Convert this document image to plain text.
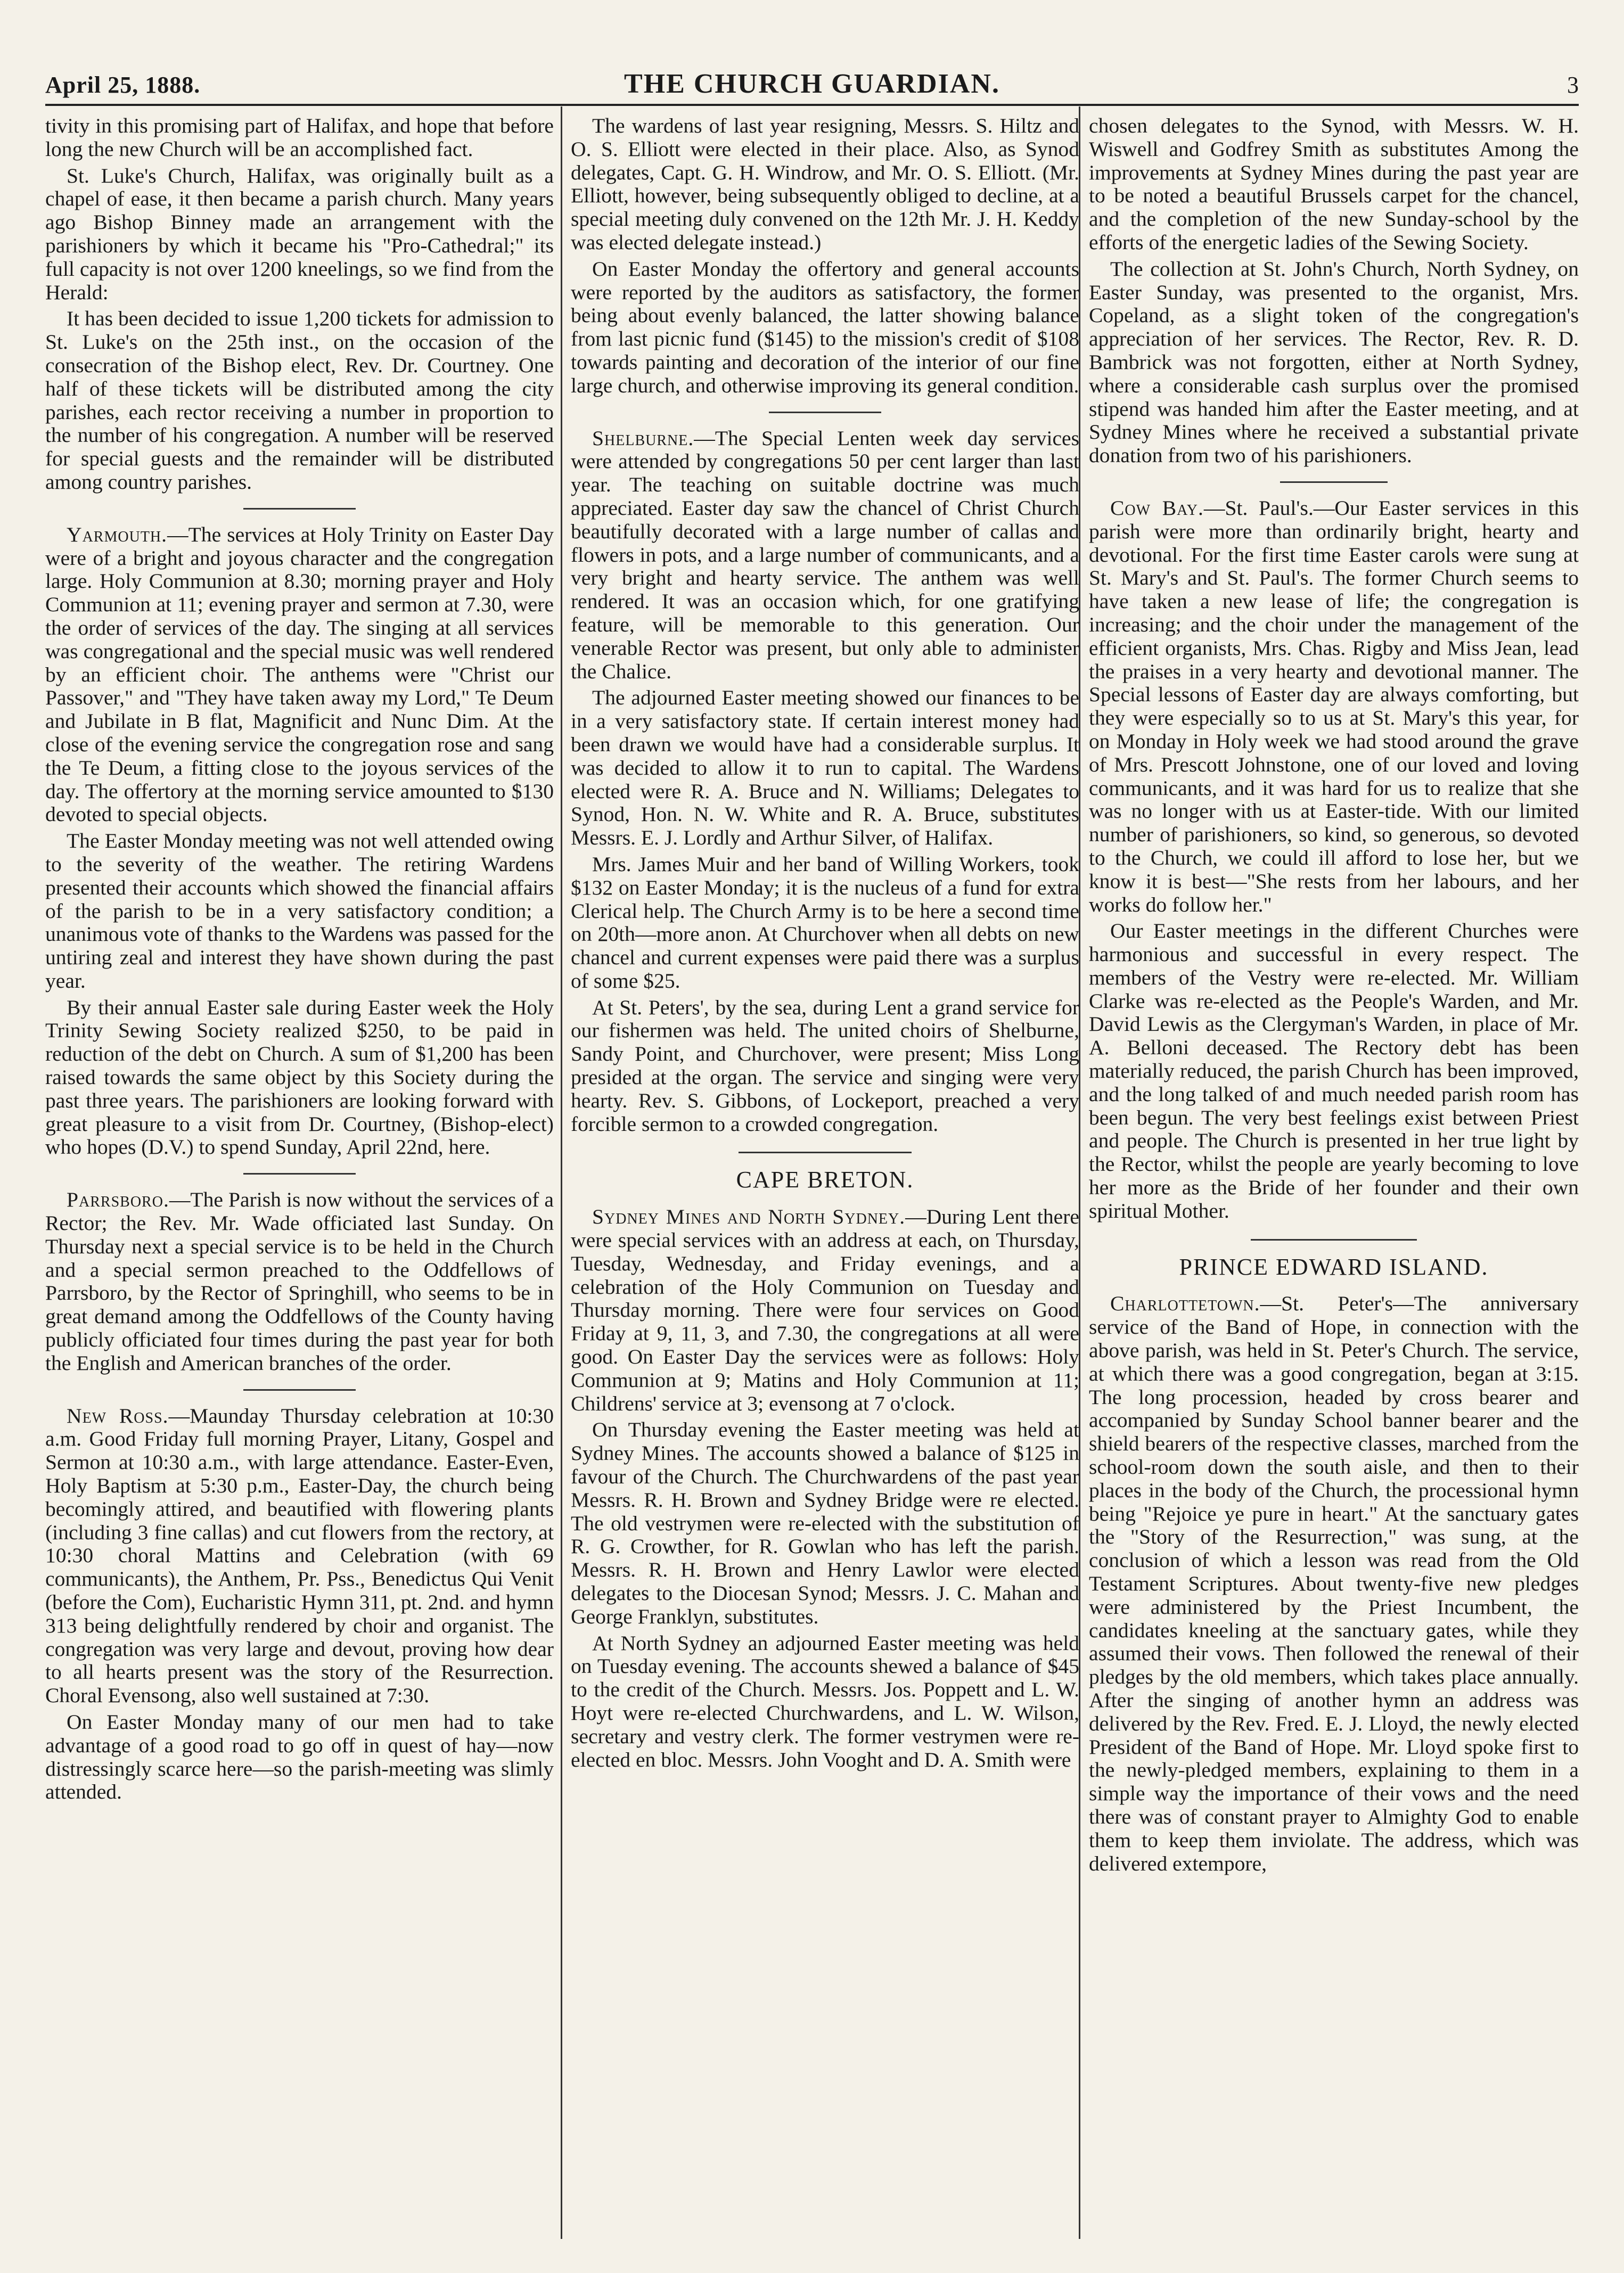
April 25, 1888.	THE CHURCH GUARDIAN.	3

tivity in this promising part of Halifax, and hope that before long the new Church will be an accomplished fact.

St. Luke's Church, Halifax, was originally built as a chapel of ease, it then became a parish church. Many years ago Bishop Binney made an arrangement with the parishioners by which it became his "Pro-Cathedral;" its full capacity is not over 1200 kneelings, so we find from the Herald:

It has been decided to issue 1,200 tickets for admission to St. Luke's on the 25th inst., on the occasion of the consecration of the Bishop elect, Rev. Dr. Courtney. One half of these tickets will be distributed among the city parishes, each rector receiving a number in proportion to the number of his congregation. A number will be reserved for special guests and the remainder will be distributed among country parishes.

Yarmouth.—The services at Holy Trinity on Easter Day were of a bright and joyous character and the congregation large. Holy Communion at 8.30; morning prayer and Holy Communion at 11; evening prayer and sermon at 7.30, were the order of services of the day. The singing at all services was congregational and the special music was well rendered by an efficient choir. The anthems were "Christ our Passover," and "They have taken away my Lord," Te Deum and Jubilate in B flat, Magnificit and Nunc Dim. At the close of the evening service the congregation rose and sang the Te Deum, a fitting close to the joyous services of the day. The offertory at the morning service amounted to $130 devoted to special objects.

The Easter Monday meeting was not well attended owing to the severity of the weather. The retiring Wardens presented their accounts which showed the financial affairs of the parish to be in a very satisfactory condition; a unanimous vote of thanks to the Wardens was passed for the untiring zeal and interest they have shown during the past year.

By their annual Easter sale during Easter week the Holy Trinity Sewing Society realized $250, to be paid in reduction of the debt on Church. A sum of $1,200 has been raised towards the same object by this Society during the past three years. The parishioners are looking forward with great pleasure to a visit from Dr. Courtney, (Bishop-elect) who hopes (D.V.) to spend Sunday, April 22nd, here.

Parrsboro.—The Parish is now without the services of a Rector; the Rev. Mr. Wade officiated last Sunday. On Thursday next a special service is to be held in the Church and a special sermon preached to the Oddfellows of Parrsboro, by the Rector of Springhill, who seems to be in great demand among the Oddfellows of the County having publicly officiated four times during the past year for both the English and American branches of the order.

New Ross.—Maunday Thursday celebration at 10:30 a.m. Good Friday full morning Prayer, Litany, Gospel and Sermon at 10:30 a.m., with large attendance. Easter-Even, Holy Baptism at 5:30 p.m., Easter-Day, the church being becomingly attired, and beautified with flowering plants (including 3 fine callas) and cut flowers from the rectory, at 10:30 choral Mattins and Celebration (with 69 communicants), the Anthem, Pr. Pss., Benedictus Qui Venit (before the Com), Eucharistic Hymn 311, pt. 2nd. and hymn 313 being delightfully rendered by choir and organist. The congregation was very large and devout, proving how dear to all hearts present was the story of the Resurrection. Choral Evensong, also well sustained at 7:30.

On Easter Monday many of our men had to take advantage of a good road to go off in quest of hay—now distressingly scarce here—so the parish-meeting was slimly attended.

The wardens of last year resigning, Messrs. S. Hiltz and O. S. Elliott were elected in their place. Also, as Synod delegates, Capt. G. H. Windrow, and Mr. O. S. Elliott. (Mr. Elliott, however, being subsequently obliged to decline, at a special meeting duly convened on the 12th Mr. J. H. Keddy was elected delegate instead.)

On Easter Monday the offertory and general accounts were reported by the auditors as satisfactory, the former being about evenly balanced, the latter showing balance from last picnic fund ($145) to the mission's credit of $108 towards painting and decoration of the interior of our fine large church, and otherwise improving its general condition.

Shelburne.—The Special Lenten week day services were attended by congregations 50 per cent larger than last year. The teaching on suitable doctrine was much appreciated. Easter day saw the chancel of Christ Church beautifully decorated with a large number of callas and flowers in pots, and a large number of communicants, and a very bright and hearty service. The anthem was well rendered. It was an occasion which, for one gratifying feature, will be memorable to this generation. Our venerable Rector was present, but only able to administer the Chalice.

The adjourned Easter meeting showed our finances to be in a very satisfactory state. If certain interest money had been drawn we would have had a considerable surplus. It was decided to allow it to run to capital. The Wardens elected were R. A. Bruce and N. Williams; Delegates to Synod, Hon. N. W. White and R. A. Bruce, substitutes Messrs. E. J. Lordly and Arthur Silver, of Halifax.

Mrs. James Muir and her band of Willing Workers, took $132 on Easter Monday; it is the nucleus of a fund for extra Clerical help. The Church Army is to be here a second time on 20th—more anon. At Churchover when all debts on new chancel and current expenses were paid there was a surplus of some $25.

At St. Peters', by the sea, during Lent a grand service for our fishermen was held. The united choirs of Shelburne, Sandy Point, and Churchover, were present; Miss Long presided at the organ. The service and singing were very hearty. Rev. S. Gibbons, of Lockeport, preached a very forcible sermon to a crowded congregation.

CAPE BRETON.

Sydney Mines and North Sydney.—During Lent there were special services with an address at each, on Thursday, Tuesday, Wednesday, and Friday evenings, and a celebration of the Holy Communion on Tuesday and Thursday morning. There were four services on Good Friday at 9, 11, 3, and 7.30, the congregations at all were good. On Easter Day the services were as follows: Holy Communion at 9; Matins and Holy Communion at 11; Childrens' service at 3; evensong at 7 o'clock.

On Thursday evening the Easter meeting was held at Sydney Mines. The accounts showed a balance of $125 in favour of the Church. The Churchwardens of the past year Messrs. R. H. Brown and Sydney Bridge were re elected. The old vestrymen were re-elected with the substitution of R. G. Crowther, for R. Gowlan who has left the parish. Messrs. R. H. Brown and Henry Lawlor were elected delegates to the Diocesan Synod; Messrs. J. C. Mahan and George Franklyn, substitutes.

At North Sydney an adjourned Easter meeting was held on Tuesday evening. The accounts shewed a balance of $45 to the credit of the Church. Messrs. Jos. Poppett and L. W. Hoyt were re-elected Churchwardens, and L. W. Wilson, secretary and vestry clerk. The former vestrymen were re-elected en bloc. Messrs. John Vooght and D. A. Smith were

chosen delegates to the Synod, with Messrs. W. H. Wiswell and Godfrey Smith as substitutes Among the improvements at Sydney Mines during the past year are to be noted a beautiful Brussels carpet for the chancel, and the completion of the new Sunday-school by the efforts of the energetic ladies of the Sewing Society.

The collection at St. John's Church, North Sydney, on Easter Sunday, was presented to the organist, Mrs. Copeland, as a slight token of the congregation's appreciation of her services. The Rector, Rev. R. D. Bambrick was not forgotten, either at North Sydney, where a considerable cash surplus over the promised stipend was handed him after the Easter meeting, and at Sydney Mines where he received a substantial private donation from two of his parishioners.

Cow Bay.—St. Paul's.—Our Easter services in this parish were more than ordinarily bright, hearty and devotional. For the first time Easter carols were sung at St. Mary's and St. Paul's. The former Church seems to have taken a new lease of life; the congregation is increasing; and the choir under the management of the efficient organists, Mrs. Chas. Rigby and Miss Jean, lead the praises in a very hearty and devotional manner. The Special lessons of Easter day are always comforting, but they were especially so to us at St. Mary's this year, for on Monday in Holy week we had stood around the grave of Mrs. Prescott Johnstone, one of our loved and loving communicants, and it was hard for us to realize that she was no longer with us at Easter-tide. With our limited number of parishioners, so kind, so generous, so devoted to the Church, we could ill afford to lose her, but we know it is best—"She rests from her labours, and her works do follow her."

Our Easter meetings in the different Churches were harmonious and successful in every respect. The members of the Vestry were re-elected. Mr. William Clarke was re-elected as the People's Warden, and Mr. David Lewis as the Clergyman's Warden, in place of Mr. A. Belloni deceased. The Rectory debt has been materially reduced, the parish Church has been improved, and the long talked of and much needed parish room has been begun. The very best feelings exist between Priest and people. The Church is presented in her true light by the Rector, whilst the people are yearly becoming to love her more as the Bride of her founder and their own spiritual Mother.

PRINCE EDWARD ISLAND.

Charlottetown.—St. Peter's—The anniversary service of the Band of Hope, in connection with the above parish, was held in St. Peter's Church. The service, at which there was a good congregation, began at 3:15. The long procession, headed by cross bearer and accompanied by Sunday School banner bearer and the shield bearers of the respective classes, marched from the school-room down the south aisle, and then to their places in the body of the Church, the processional hymn being "Rejoice ye pure in heart." At the sanctuary gates the "Story of the Resurrection," was sung, at the conclusion of which a lesson was read from the Old Testament Scriptures. About twenty-five new pledges were administered by the Priest Incumbent, the candidates kneeling at the sanctuary gates, while they assumed their vows. Then followed the renewal of their pledges by the old members, which takes place annually. After the singing of another hymn an address was delivered by the Rev. Fred. E. J. Lloyd, the newly elected President of the Band of Hope. Mr. Lloyd spoke first to the newly-pledged members, explaining to them in a simple way the importance of their vows and the need there was of constant prayer to Almighty God to enable them to keep them inviolate. The address, which was delivered extempore,
